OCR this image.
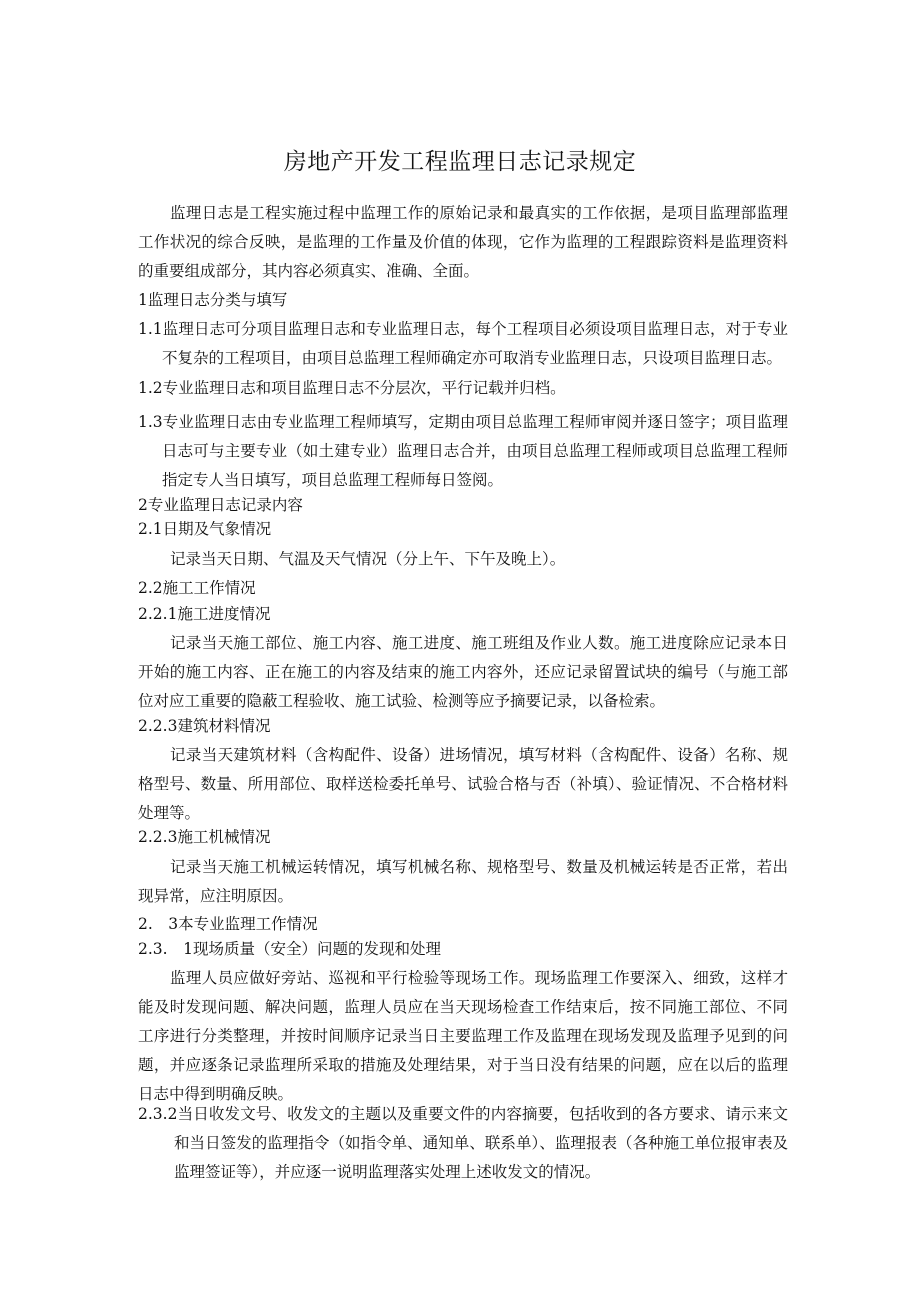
房地产开发工程监理日志记录规定
监理日志是工程实施过程中监理工作的原始记录和最真实的工作依据，是项目监理部监理工作状况的综合反映，是监理的工作量及价值的体现，它作为监理的工程跟踪资料是监理资料的重要组成部分，其内容必须真实、准确、全面。
1监理日志分类与填写
1.1监理日志可分项目监理日志和专业监理日志，每个工程项目必须设项目监理日志，对于专业不复杂的工程项目，由项目总监理工程师确定亦可取消专业监理日志，只设项目监理日志。
1.2专业监理日志和项目监理日志不分层次，平行记载并归档。
1.3专业监理日志由专业监理工程师填写，定期由项目总监理工程师审阅并逐日签字；项目监理日志可与主要专业（如土建专业）监理日志合并，由项目总监理工程师或项目总监理工程师指定专人当日填写，项目总监理工程师每日签阅。
2专业监理日志记录内容
2.1日期及气象情况
记录当天日期、气温及天气情况（分上午、下午及晚上）。
2.2施工工作情况
2.2.1施工进度情况
记录当天施工部位、施工内容、施工进度、施工班组及作业人数。施工进度除应记录本日开始的施工内容、正在施工的内容及结束的施工内容外，还应记录留置试块的编号（与施工部位对应工重要的隐蔽工程验收、施工试验、检测等应予摘要记录，以备检索。
2.2.3建筑材料情况
记录当天建筑材料（含构配件、设备）进场情况，填写材料（含构配件、设备）名称、规格型号、数量、所用部位、取样送检委托单号、试验合格与否（补填）、验证情况、不合格材料处理等。
2.2.3施工机械情况
记录当天施工机械运转情况，填写机械名称、规格型号、数量及机械运转是否正常，若出现异常，应注明原因。
2.　3本专业监理工作情况
2.3.　1现场质量（安全）问题的发现和处理
监理人员应做好旁站、巡视和平行检验等现场工作。现场监理工作要深入、细致，这样才能及时发现问题、解决问题，监理人员应在当天现场检查工作结束后，按不同施工部位、不同工序进行分类整理，并按时间顺序记录当日主要监理工作及监理在现场发现及监理予见到的问题，并应逐条记录监理所采取的措施及处理结果，对于当日没有结果的问题，应在以后的监理日志中得到明确反映。
2.3.2当日收发文号、收发文的主题以及重要文件的内容摘要，包括收到的各方要求、请示来文和当日签发的监理指令（如指令单、通知单、联系单）、监理报表（各种施工单位报审表及监理签证等），并应逐一说明监理落实处理上述收发文的情况。
